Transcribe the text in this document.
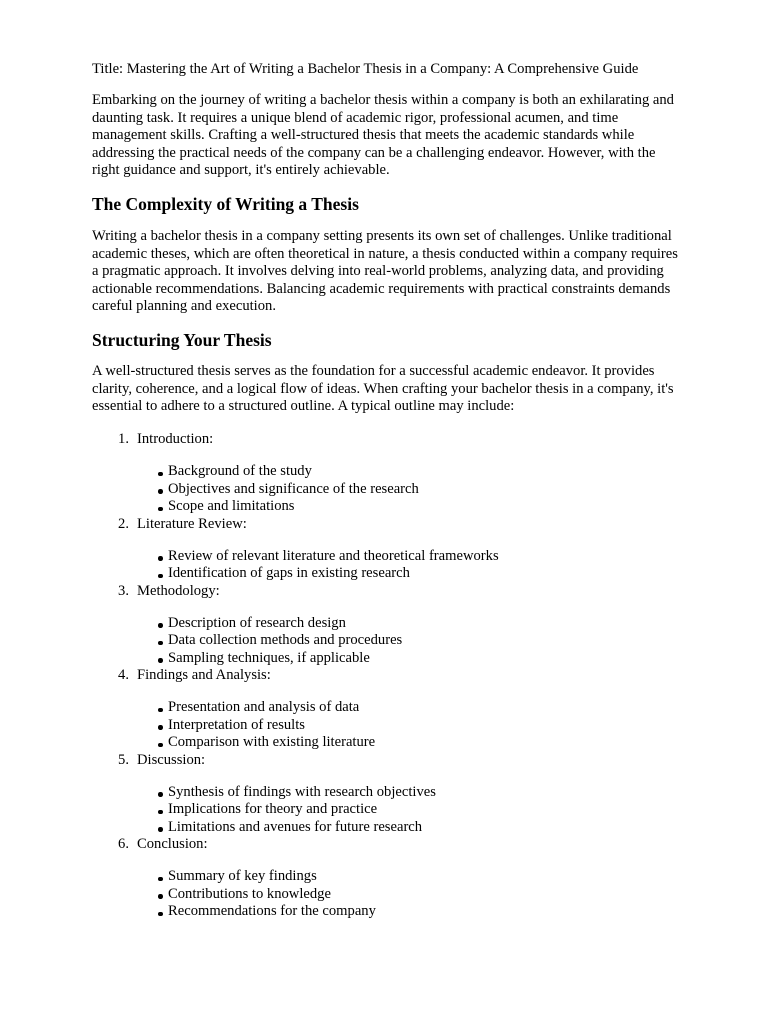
Title: Mastering the Art of Writing a Bachelor Thesis in a Company: A Comprehensive Guide

Embarking on the journey of writing a bachelor thesis within a company is both an exhilarating and
daunting task. It requires a unique blend of academic rigor, professional acumen, and time
management skills. Crafting a well-structured thesis that meets the academic standards while
addressing the practical needs of the company can be a challenging endeavor. However, with the
right guidance and support, it's entirely achievable.

The Complexity of Writing a Thesis

Writing a bachelor thesis in a company setting presents its own set of challenges. Unlike traditional
academic theses, which are often theoretical in nature, a thesis conducted within a company requires
a pragmatic approach. It involves delving into real-world problems, analyzing data, and providing
actionable recommendations. Balancing academic requirements with practical constraints demands
careful planning and execution.

Structuring Your Thesis

A well-structured thesis serves as the foundation for a successful academic endeavor. It provides
clarity, coherence, and a logical flow of ideas. When crafting your bachelor thesis in a company, it's
essential to adhere to a structured outline. A typical outline may include:

1. Introduction:
Background of the study
Objectives and significance of the research
Scope and limitations
2. Literature Review:
Review of relevant literature and theoretical frameworks
Identification of gaps in existing research
3. Methodology:
Description of research design
Data collection methods and procedures
Sampling techniques, if applicable
4. Findings and Analysis:
Presentation and analysis of data
Interpretation of results
Comparison with existing literature
5. Discussion:
Synthesis of findings with research objectives
Implications for theory and practice
Limitations and avenues for future research
6. Conclusion:
Summary of key findings
Contributions to knowledge
Recommendations for the company
